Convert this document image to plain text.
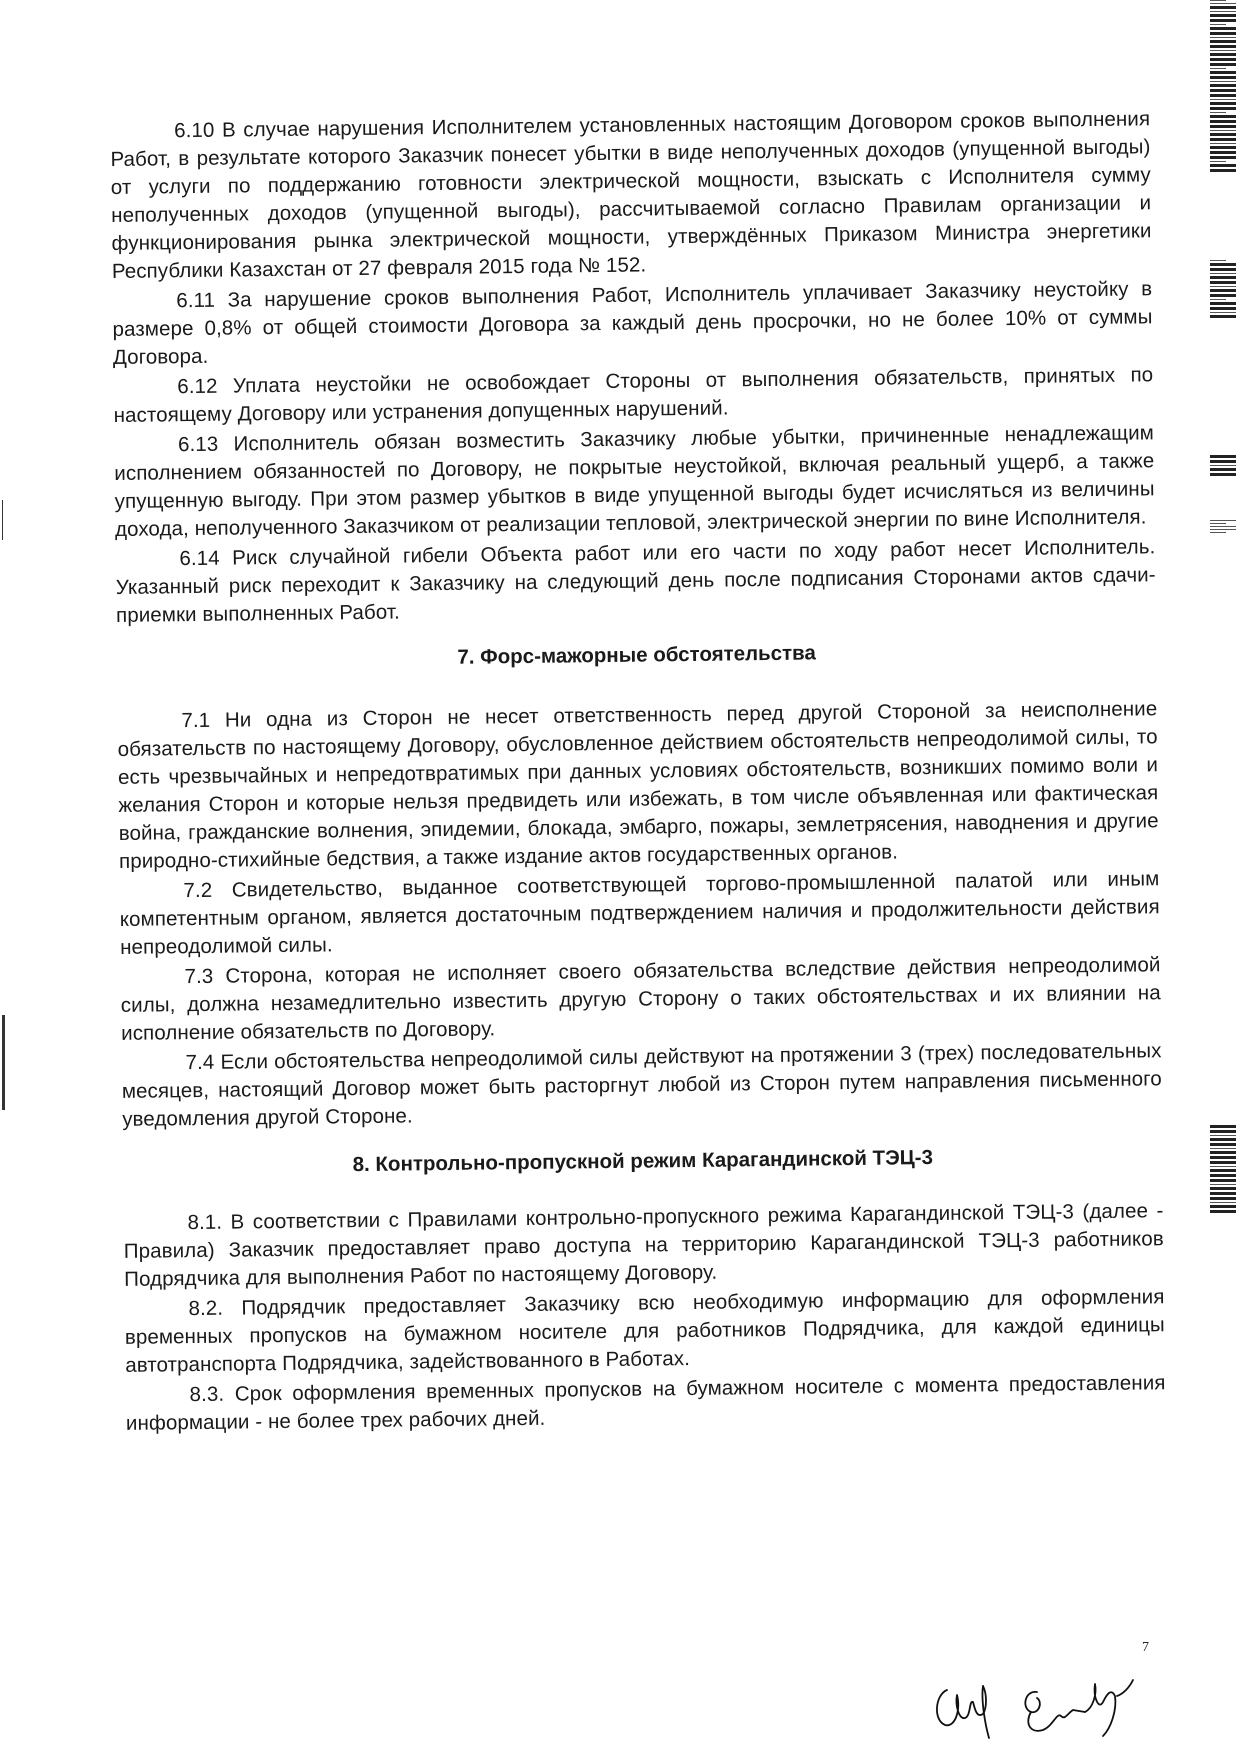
6.10 В случае нарушения Исполнителем установленных настоящим Договором сроков выполнения Работ, в результате которого Заказчик понесет убытки в виде неполученных доходов (упущенной выгоды) от услуги по поддержанию готовности электрической мощности, взыскать с Исполнителя сумму неполученных доходов (упущенной выгоды), рассчитываемой согласно Правилам организации и функционирования рынка электрической мощности, утверждённых Приказом Министра энергетики Республики Казахстан от 27 февраля 2015 года № 152.

6.11 За нарушение сроков выполнения Работ, Исполнитель уплачивает Заказчику неустойку в размере 0,8% от общей стоимости Договора за каждый день просрочки, но не более 10% от суммы Договора.

6.12 Уплата неустойки не освобождает Стороны от выполнения обязательств, принятых по настоящему Договору или устранения допущенных нарушений.

6.13 Исполнитель обязан возместить Заказчику любые убытки, причиненные ненадлежащим исполнением обязанностей по Договору, не покрытые неустойкой, включая реальный ущерб, а также упущенную выгоду. При этом размер убытков в виде упущенной выгоды будет исчисляться из величины дохода, неполученного Заказчиком от реализации тепловой, электрической энергии по вине Исполнителя.

6.14 Риск случайной гибели Объекта работ или его части по ходу работ несет Исполнитель. Указанный риск переходит к Заказчику на следующий день после подписания Сторонами актов сдачи-приемки выполненных Работ.

7. Форс-мажорные обстоятельства

7.1 Ни одна из Сторон не несет ответственность перед другой Стороной за неисполнение обязательств по настоящему Договору, обусловленное действием обстоятельств непреодолимой силы, то есть чрезвычайных и непредотвратимых при данных условиях обстоятельств, возникших помимо воли и желания Сторон и которые нельзя предвидеть или избежать, в том числе объявленная или фактическая война, гражданские волнения, эпидемии, блокада, эмбарго, пожары, землетрясения, наводнения и другие природно-стихийные бедствия, а также издание актов государственных органов.

7.2 Свидетельство, выданное соответствующей торгово-промышленной палатой или иным компетентным органом, является достаточным подтверждением наличия и продолжительности действия непреодолимой силы.

7.3 Сторона, которая не исполняет своего обязательства вследствие действия непреодолимой силы, должна незамедлительно известить другую Сторону о таких обстоятельствах и их влиянии на исполнение обязательств по Договору.

7.4 Если обстоятельства непреодолимой силы действуют на протяжении 3 (трех) последовательных месяцев, настоящий Договор может быть расторгнут любой из Сторон путем направления письменного уведомления другой Стороне.

8. Контрольно-пропускной режим Карагандинской ТЭЦ-3

8.1. В соответствии с Правилами контрольно-пропускного режима Карагандинской ТЭЦ-3 (далее - Правила) Заказчик предоставляет право доступа на территорию Карагандинской ТЭЦ-3 работников Подрядчика для выполнения Работ по настоящему Договору.

8.2. Подрядчик предоставляет Заказчику всю необходимую информацию для оформления временных пропусков на бумажном носителе для работников Подрядчика, для каждой единицы автотранспорта Подрядчика, задействованного в Работах.

8.3. Срок оформления временных пропусков на бумажном носителе с момента предоставления информации - не более трех рабочих дней.

7
